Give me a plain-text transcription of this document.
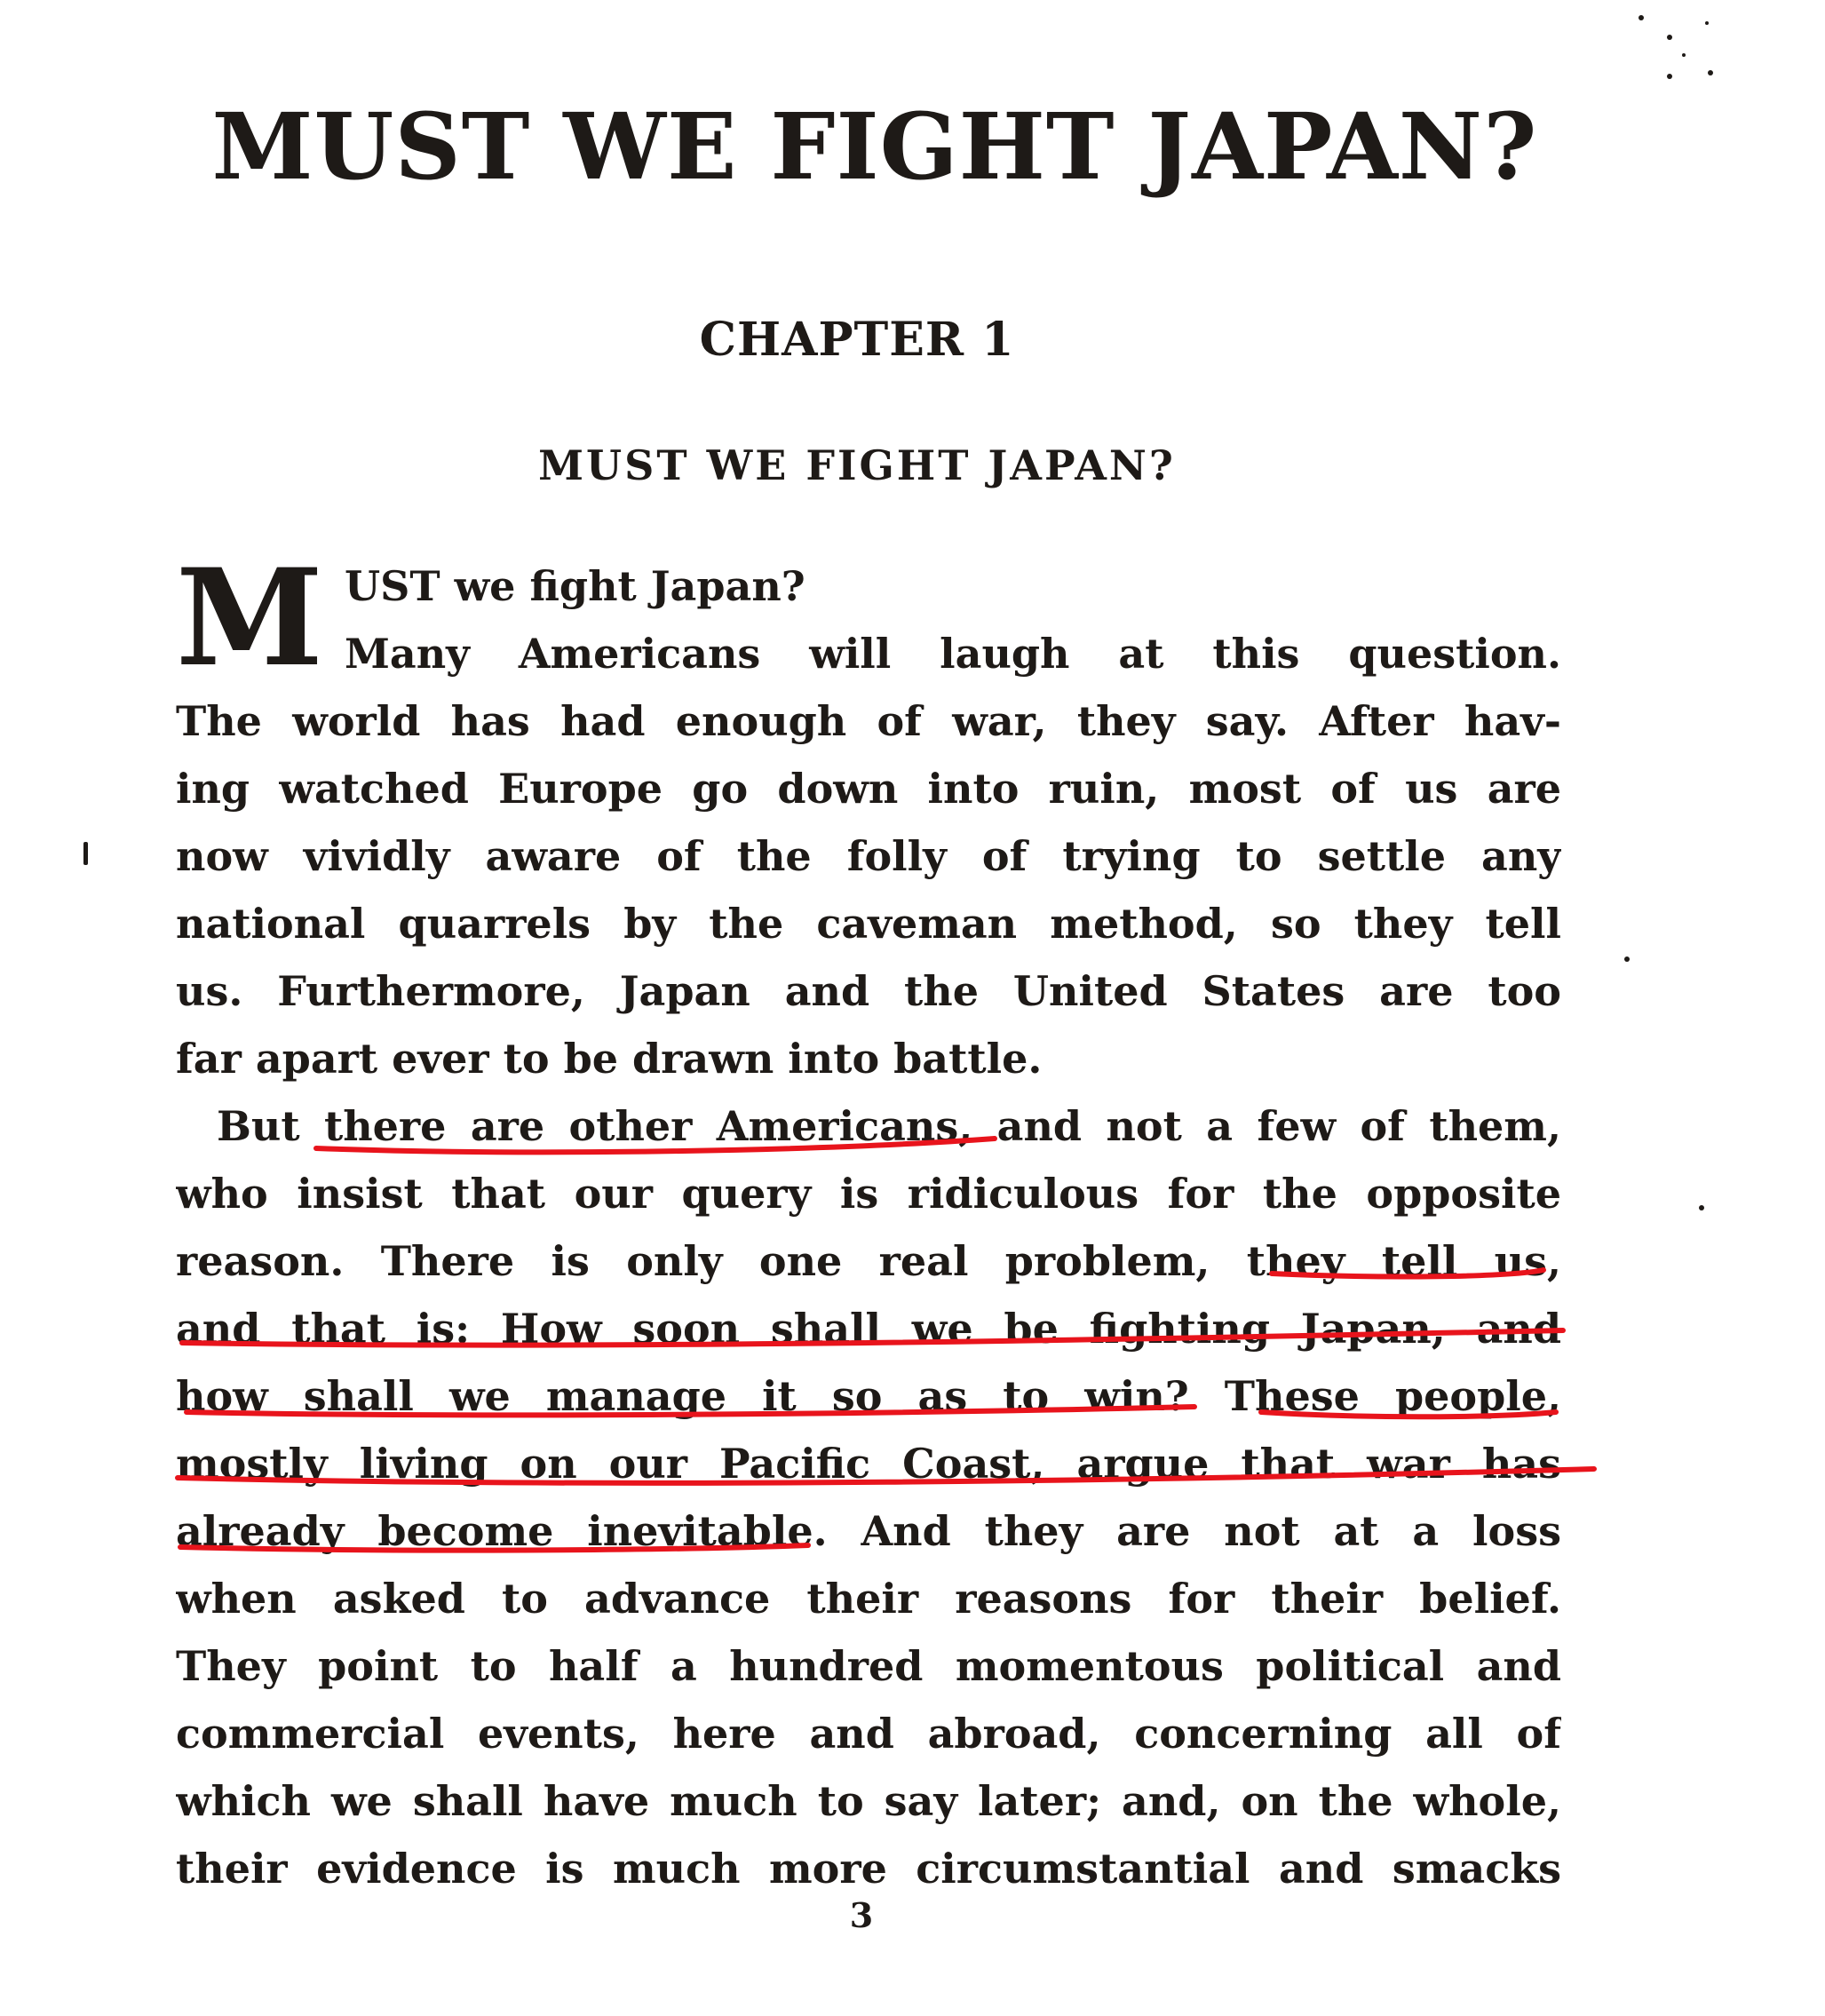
MUST WE FIGHT JAPAN?
CHAPTER 1
MUST WE FIGHT JAPAN?
M UST we fight Japan?
Many Americans will laugh at this question.
The world has had enough of war, they say. After hav-
ing watched Europe go down into ruin, most of us are
now vividly aware of the folly of trying to settle any
national quarrels by the caveman method, so they tell
us. Furthermore, Japan and the United States are too
far apart ever to be drawn into battle.
But there are other Americans, and not a few of them,
who insist that our query is ridiculous for the opposite
reason. There is only one real problem, they tell us,
and that is: How soon shall we be fighting Japan, and
how shall we manage it so as to win? These people,
mostly living on our Pacific Coast, argue that war has
already become inevitable. And they are not at a loss
when asked to advance their reasons for their belief.
They point to half a hundred momentous political and
commercial events, here and abroad, concerning all of
which we shall have much to say later; and, on the whole,
their evidence is much more circumstantial and smacks
3
